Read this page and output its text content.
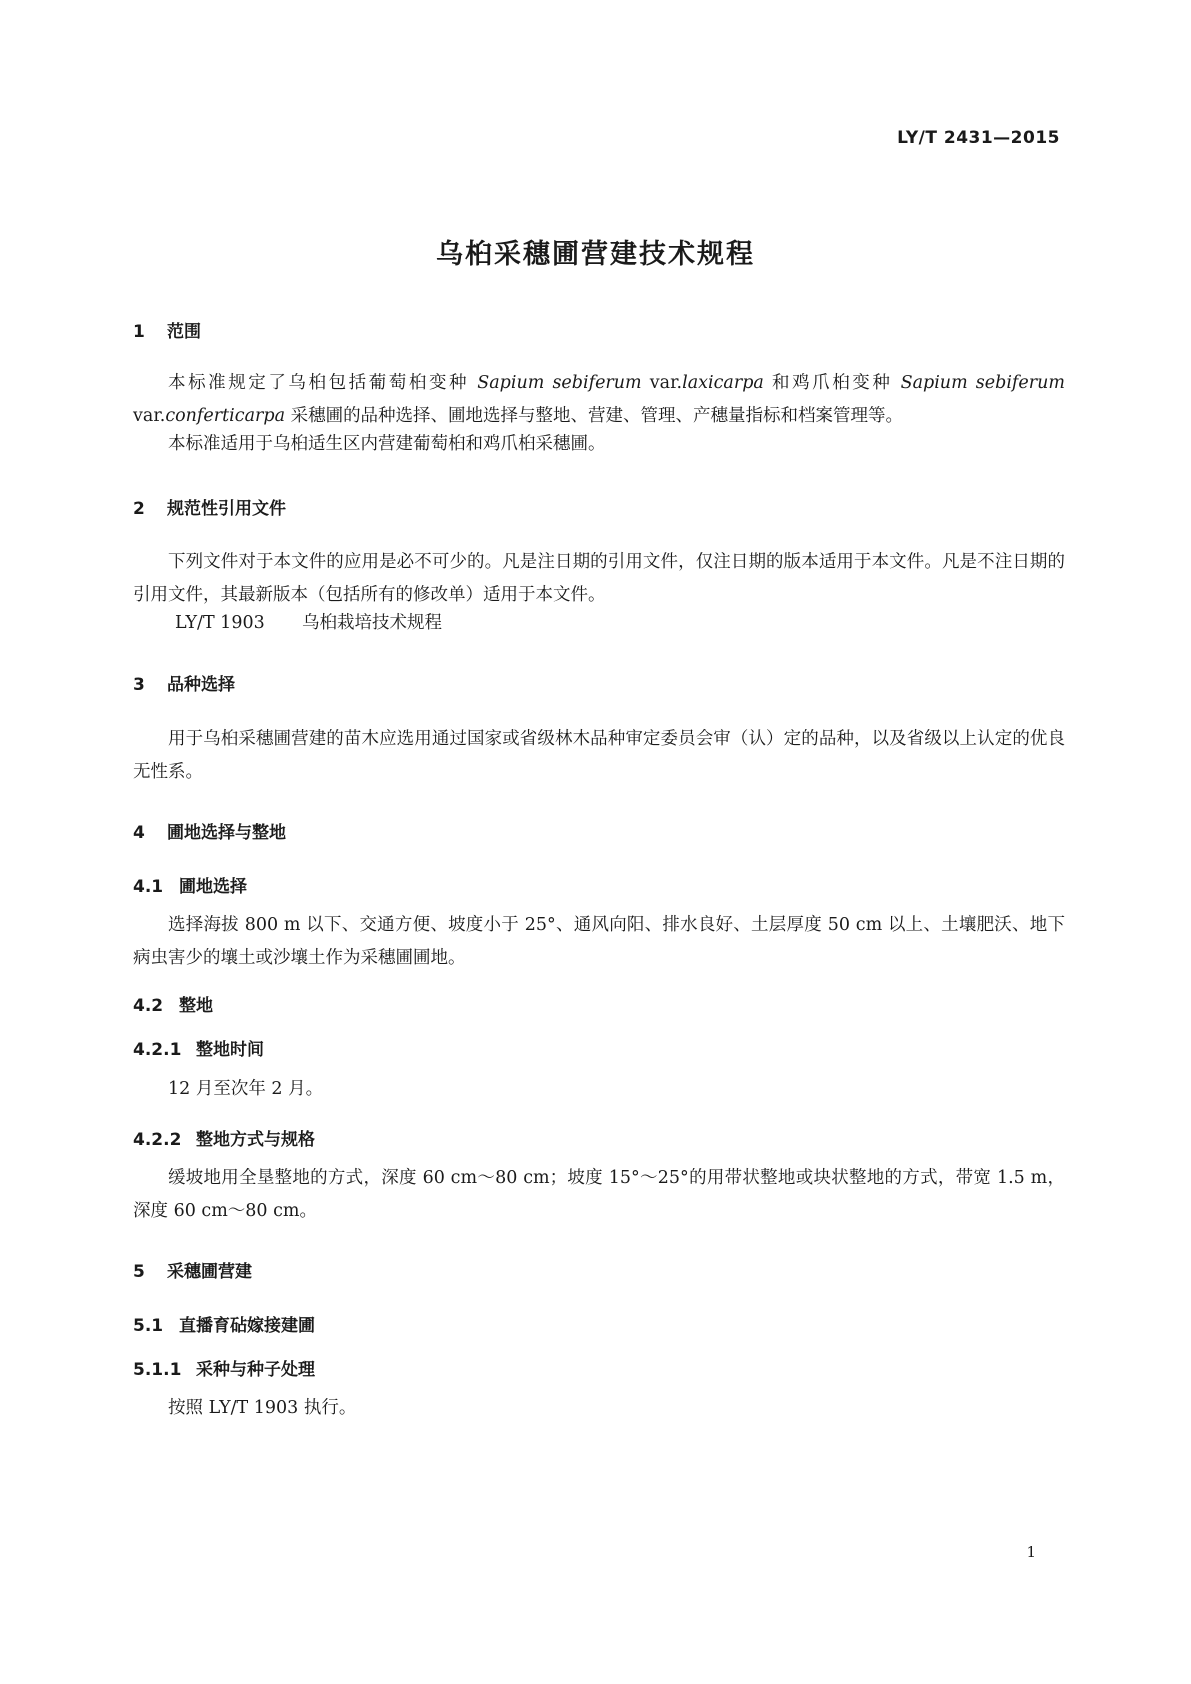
LY/T 2431—2015
乌桕采穗圃营建技术规程
1 范围
本标准规定了乌桕包括葡萄桕变种 Sapium sebiferum var.laxicarpa 和鸡爪桕变种 Sapium sebiferum var.conferticarpa 采穗圃的品种选择、圃地选择与整地、营建、管理、产穗量指标和档案管理等。
本标准适用于乌桕适生区内营建葡萄桕和鸡爪桕采穗圃。
2 规范性引用文件
下列文件对于本文件的应用是必不可少的。凡是注日期的引用文件，仅注日期的版本适用于本文件。凡是不注日期的引用文件，其最新版本（包括所有的修改单）适用于本文件。
LY/T 1903 乌桕栽培技术规程
3 品种选择
用于乌桕采穗圃营建的苗木应选用通过国家或省级林木品种审定委员会审（认）定的品种，以及省级以上认定的优良无性系。
4 圃地选择与整地
4.1 圃地选择
选择海拔 800 m 以下、交通方便、坡度小于 25°、通风向阳、排水良好、土层厚度 50 cm 以上、土壤肥沃、地下病虫害少的壤土或沙壤土作为采穗圃圃地。
4.2 整地
4.2.1 整地时间
12 月至次年 2 月。
4.2.2 整地方式与规格
缓坡地用全垦整地的方式，深度 60 cm～80 cm；坡度 15°～25°的用带状整地或块状整地的方式，带宽 1.5 m，深度 60 cm～80 cm。
5 采穗圃营建
5.1 直播育砧嫁接建圃
5.1.1 采种与种子处理
按照 LY/T 1903 执行。
1
